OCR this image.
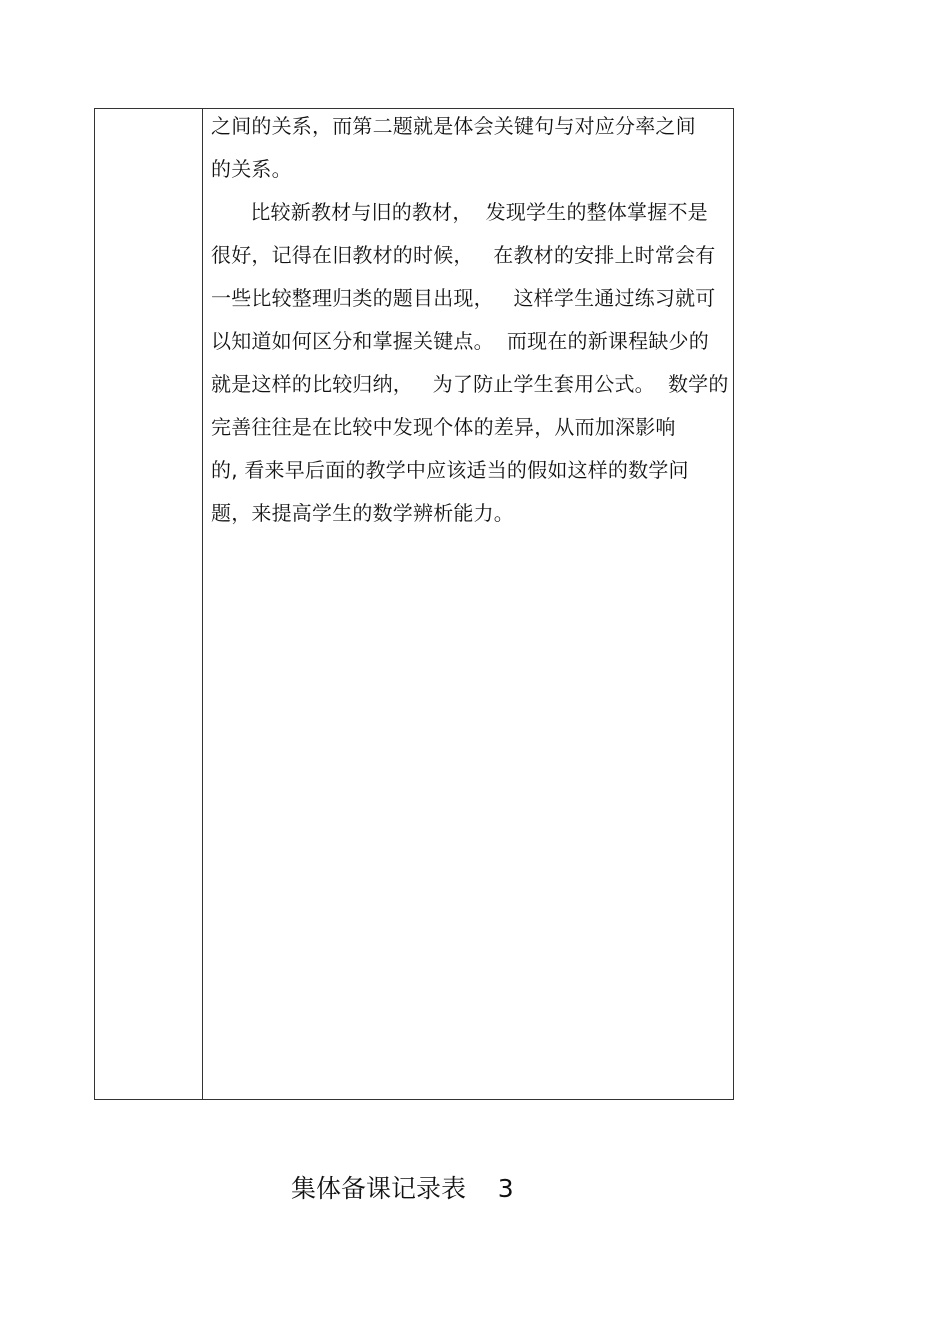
之间的关系，而第二题就是体会关键句与对应分率之间
的关系。
比较新教材与旧的教材，  发现学生的整体掌握不是
很好，记得在旧教材的时候，   在教材的安排上时常会有
一些比较整理归类的题目出现，   这样学生通过练习就可
以知道如何区分和掌握关键点。  而现在的新课程缺少的
就是这样的比较归纳，   为了防止学生套用公式。  数学的
完善往往是在比较中发现个体的差异，从而加深影响
的, 看来早后面的教学中应该适当的假如这样的数学问
题，来提高学生的数学辨析能力。
集体备课记录表    3
